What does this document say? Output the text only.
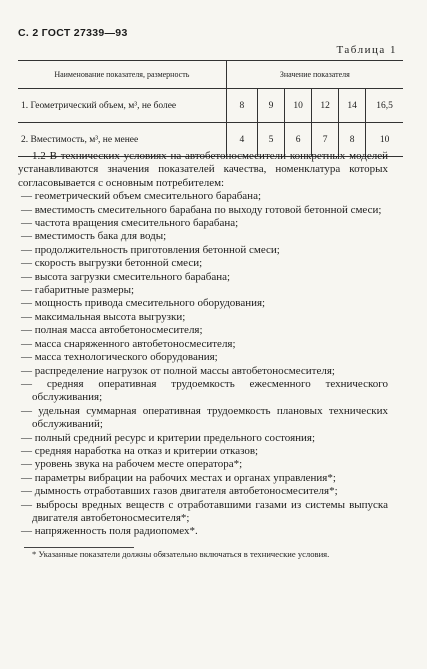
С. 2 ГОСТ 27339—93
Таблица 1
Наименование показателя, размерность	Значение показателя					
1. Геометрический объем, м³, не более	8	9	10	12	14	16,5
2. Вместимость, м³, не менее	4	5	6	7	8	10

1.2 В технических условиях на автобетоносмесители конкретных моделей устанавливаются значения показателей качества, номенклатура которых согласовывается с основным потребителем:

— геометрический объем смесительного барабана;

— вместимость смесительного барабана по выходу готовой бетонной смеси;

— частота вращения смесительного барабана;

— вместимость бака для воды;

— продолжительность приготовления бетонной смеси;

— скорость выгрузки бетонной смеси;

— высота загрузки смесительного барабана;

— габаритные размеры;

— мощность привода смесительного оборудования;

— максимальная высота выгрузки;

— полная масса автобетоносмесителя;

— масса снаряженного автобетоносмесителя;

— масса технологического оборудования;

— распределение нагрузок от полной массы автобетоносмесителя;

— средняя оперативная трудоемкость ежесменного технического обслуживания;

— удельная суммарная оперативная трудоемкость плановых технических обслуживаний;

— полный средний ресурс и критерии предельного состояния;

— средняя наработка на отказ и критерии отказов;

— уровень звука на рабочем месте оператора*;

— параметры вибрации на рабочих местах и органах управления*;

— дымность отработавших газов двигателя автобетоносмесителя*;

— выбросы вредных веществ с отработавшими газами из системы выпуска двигателя автобетоносмесителя*;

— напряженность поля радиопомех*.

* Указанные показатели должны обязательно включаться в технические условия.
